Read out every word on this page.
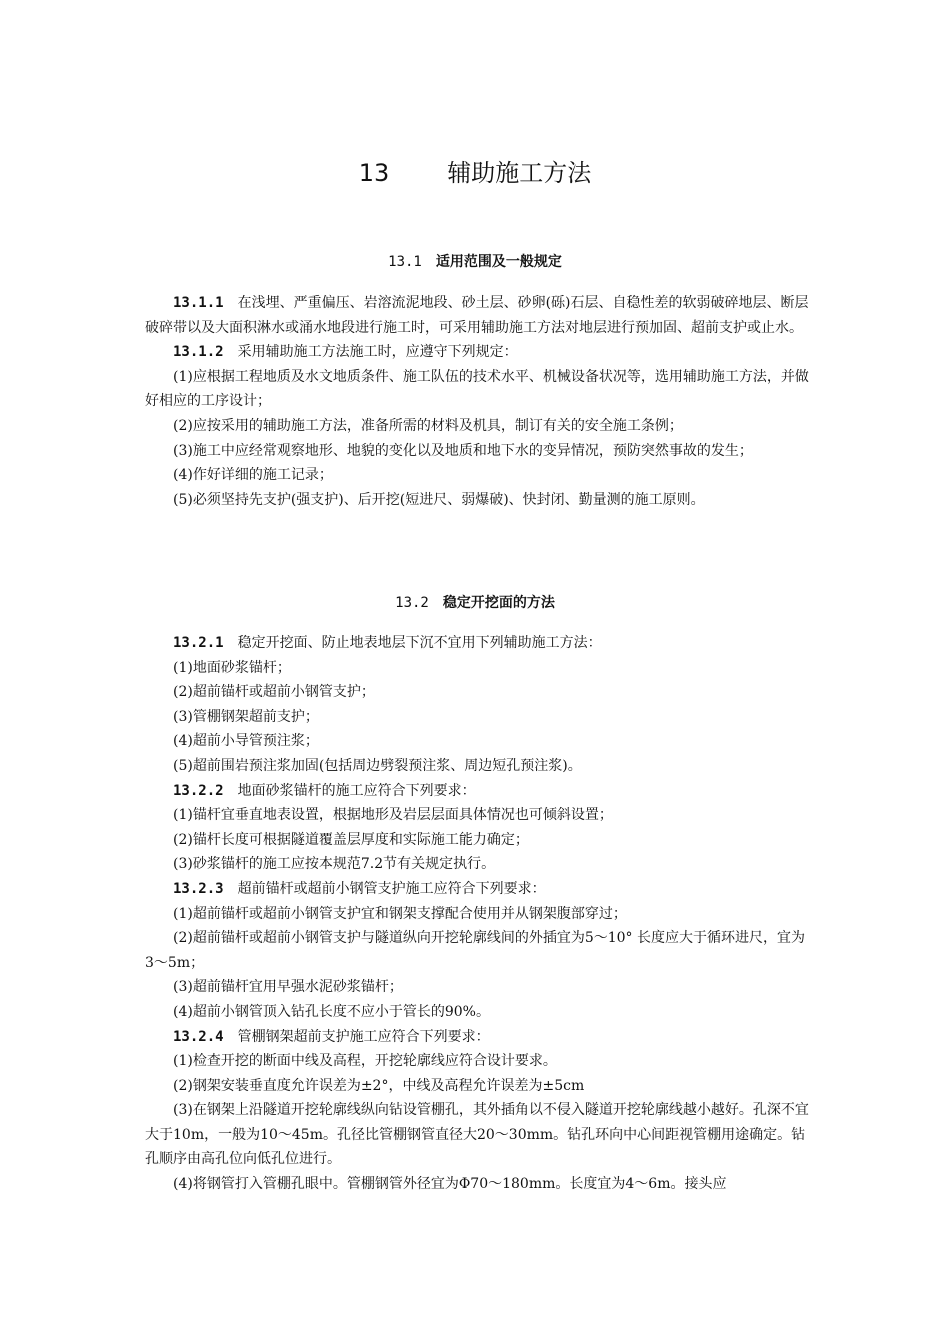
13 辅助施工方法
13.1 适用范围及一般规定

13.1.1 在浅埋、严重偏压、岩溶流泥地段、砂土层、砂卵(砾)石层、自稳性差的软弱破碎地层、断层破碎带以及大面积淋水或涌水地段进行施工时，可采用辅助施工方法对地层进行预加固、超前支护或止水。

13.1.2 采用辅助施工方法施工时，应遵守下列规定：

(1)应根据工程地质及水文地质条件、施工队伍的技术水平、机械设备状况等，选用辅助施工方法，并做好相应的工序设计；

(2)应按采用的辅助施工方法，准备所需的材料及机具，制订有关的安全施工条例；

(3)施工中应经常观察地形、地貌的变化以及地质和地下水的变异情况，预防突然事故的发生；

(4)作好详细的施工记录；

(5)必须坚持先支护(强支护)、后开挖(短进尺、弱爆破)、快封闭、勤量测的施工原则。

13.2 稳定开挖面的方法

13.2.1 稳定开挖面、防止地表地层下沉不宜用下列辅助施工方法：

(1)地面砂浆锚杆；

(2)超前锚杆或超前小钢管支护；

(3)管棚钢架超前支护；

(4)超前小导管预注浆；

(5)超前围岩预注浆加固(包括周边劈裂预注浆、周边短孔预注浆)。

13.2.2 地面砂浆锚杆的施工应符合下列要求：

(1)锚杆宜垂直地表设置，根据地形及岩层层面具体情况也可倾斜设置；

(2)锚杆长度可根据隧道覆盖层厚度和实际施工能力确定；

(3)砂浆锚杆的施工应按本规范7.2节有关规定执行。

13.2.3 超前锚杆或超前小钢管支护施工应符合下列要求：

(1)超前锚杆或超前小钢管支护宜和钢架支撑配合使用并从钢架腹部穿过；

(2)超前锚杆或超前小钢管支护与隧道纵向开挖轮廓线间的外插宜为5～10° 长度应大于循环进尺，宜为3～5m；

(3)超前锚杆宜用早强水泥砂浆锚杆；

(4)超前小钢管顶入钻孔长度不应小于管长的90%。

13.2.4 管棚钢架超前支护施工应符合下列要求：

(1)检查开挖的断面中线及高程，开挖轮廓线应符合设计要求。

(2)钢架安装垂直度允许误差为±2°，中线及高程允许误差为±5cm

(3)在钢架上沿隧道开挖轮廓线纵向钻设管棚孔，其外插角以不侵入隧道开挖轮廓线越小越好。孔深不宜大于10m，一般为10～45m。孔径比管棚钢管直径大20～30mm。钻孔环向中心间距视管棚用途确定。钻孔顺序由高孔位向低孔位进行。

(4)将钢管打入管棚孔眼中。管棚钢管外径宜为Φ70～180mm。长度宜为4～6m。接头应
